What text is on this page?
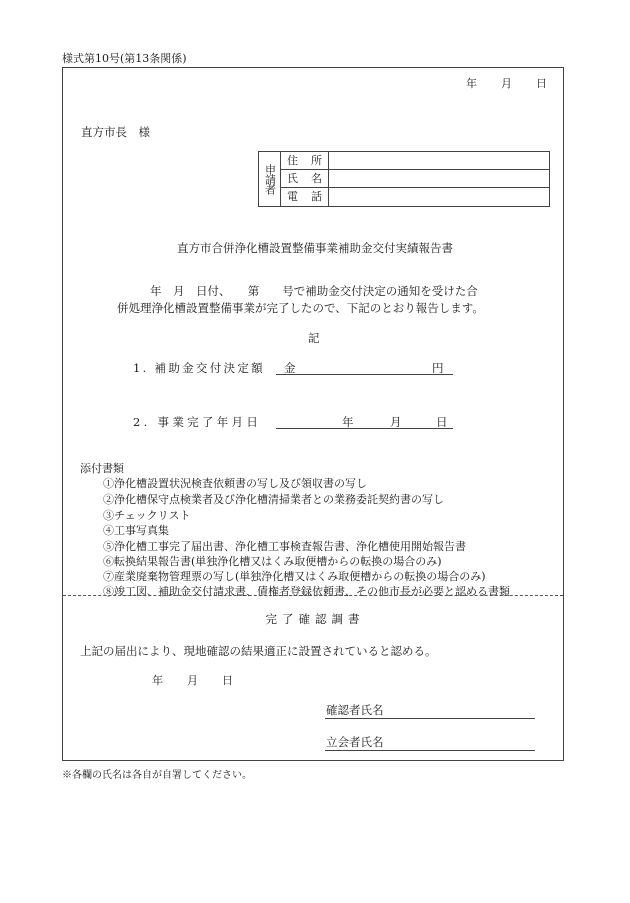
様式第10号(第13条関係)
年 月 日
直方市長　様
申請者
住所
氏名
電話
直方市合併浄化槽設置整備事業補助金交付実績報告書
年　月　日付、　　第　　号で補助金交付決定の通知を受けた合
併処理浄化槽設置整備事業が完了したので、下記のとおり報告します。
記
1. 補助金交付決定額 金	円
2. 事業完了年月日	年	月	日
添付書類
①浄化槽設置状況検査依頼書の写し及び領収書の写し
②浄化槽保守点検業者及び浄化槽清掃業者との業務委託契約書の写し
③チェックリスト
④工事写真集
⑤浄化槽工事完了届出書、浄化槽工事検査報告書、浄化槽使用開始報告書
⑥転換結果報告書(単独浄化槽又はくみ取便槽からの転換の場合のみ)
⑦産業廃棄物管理票の写し(単独浄化槽又はくみ取便槽からの転換の場合のみ)
⑧竣工図、補助金交付請求書、債権者登録依頼書、その他市長が必要と認める書類
完了確認調書
上記の届出により、現地確認の結果適正に設置されていると認める。
年 月 日
確認者氏名
立会者氏名
※各欄の氏名は各自が自署してください。
